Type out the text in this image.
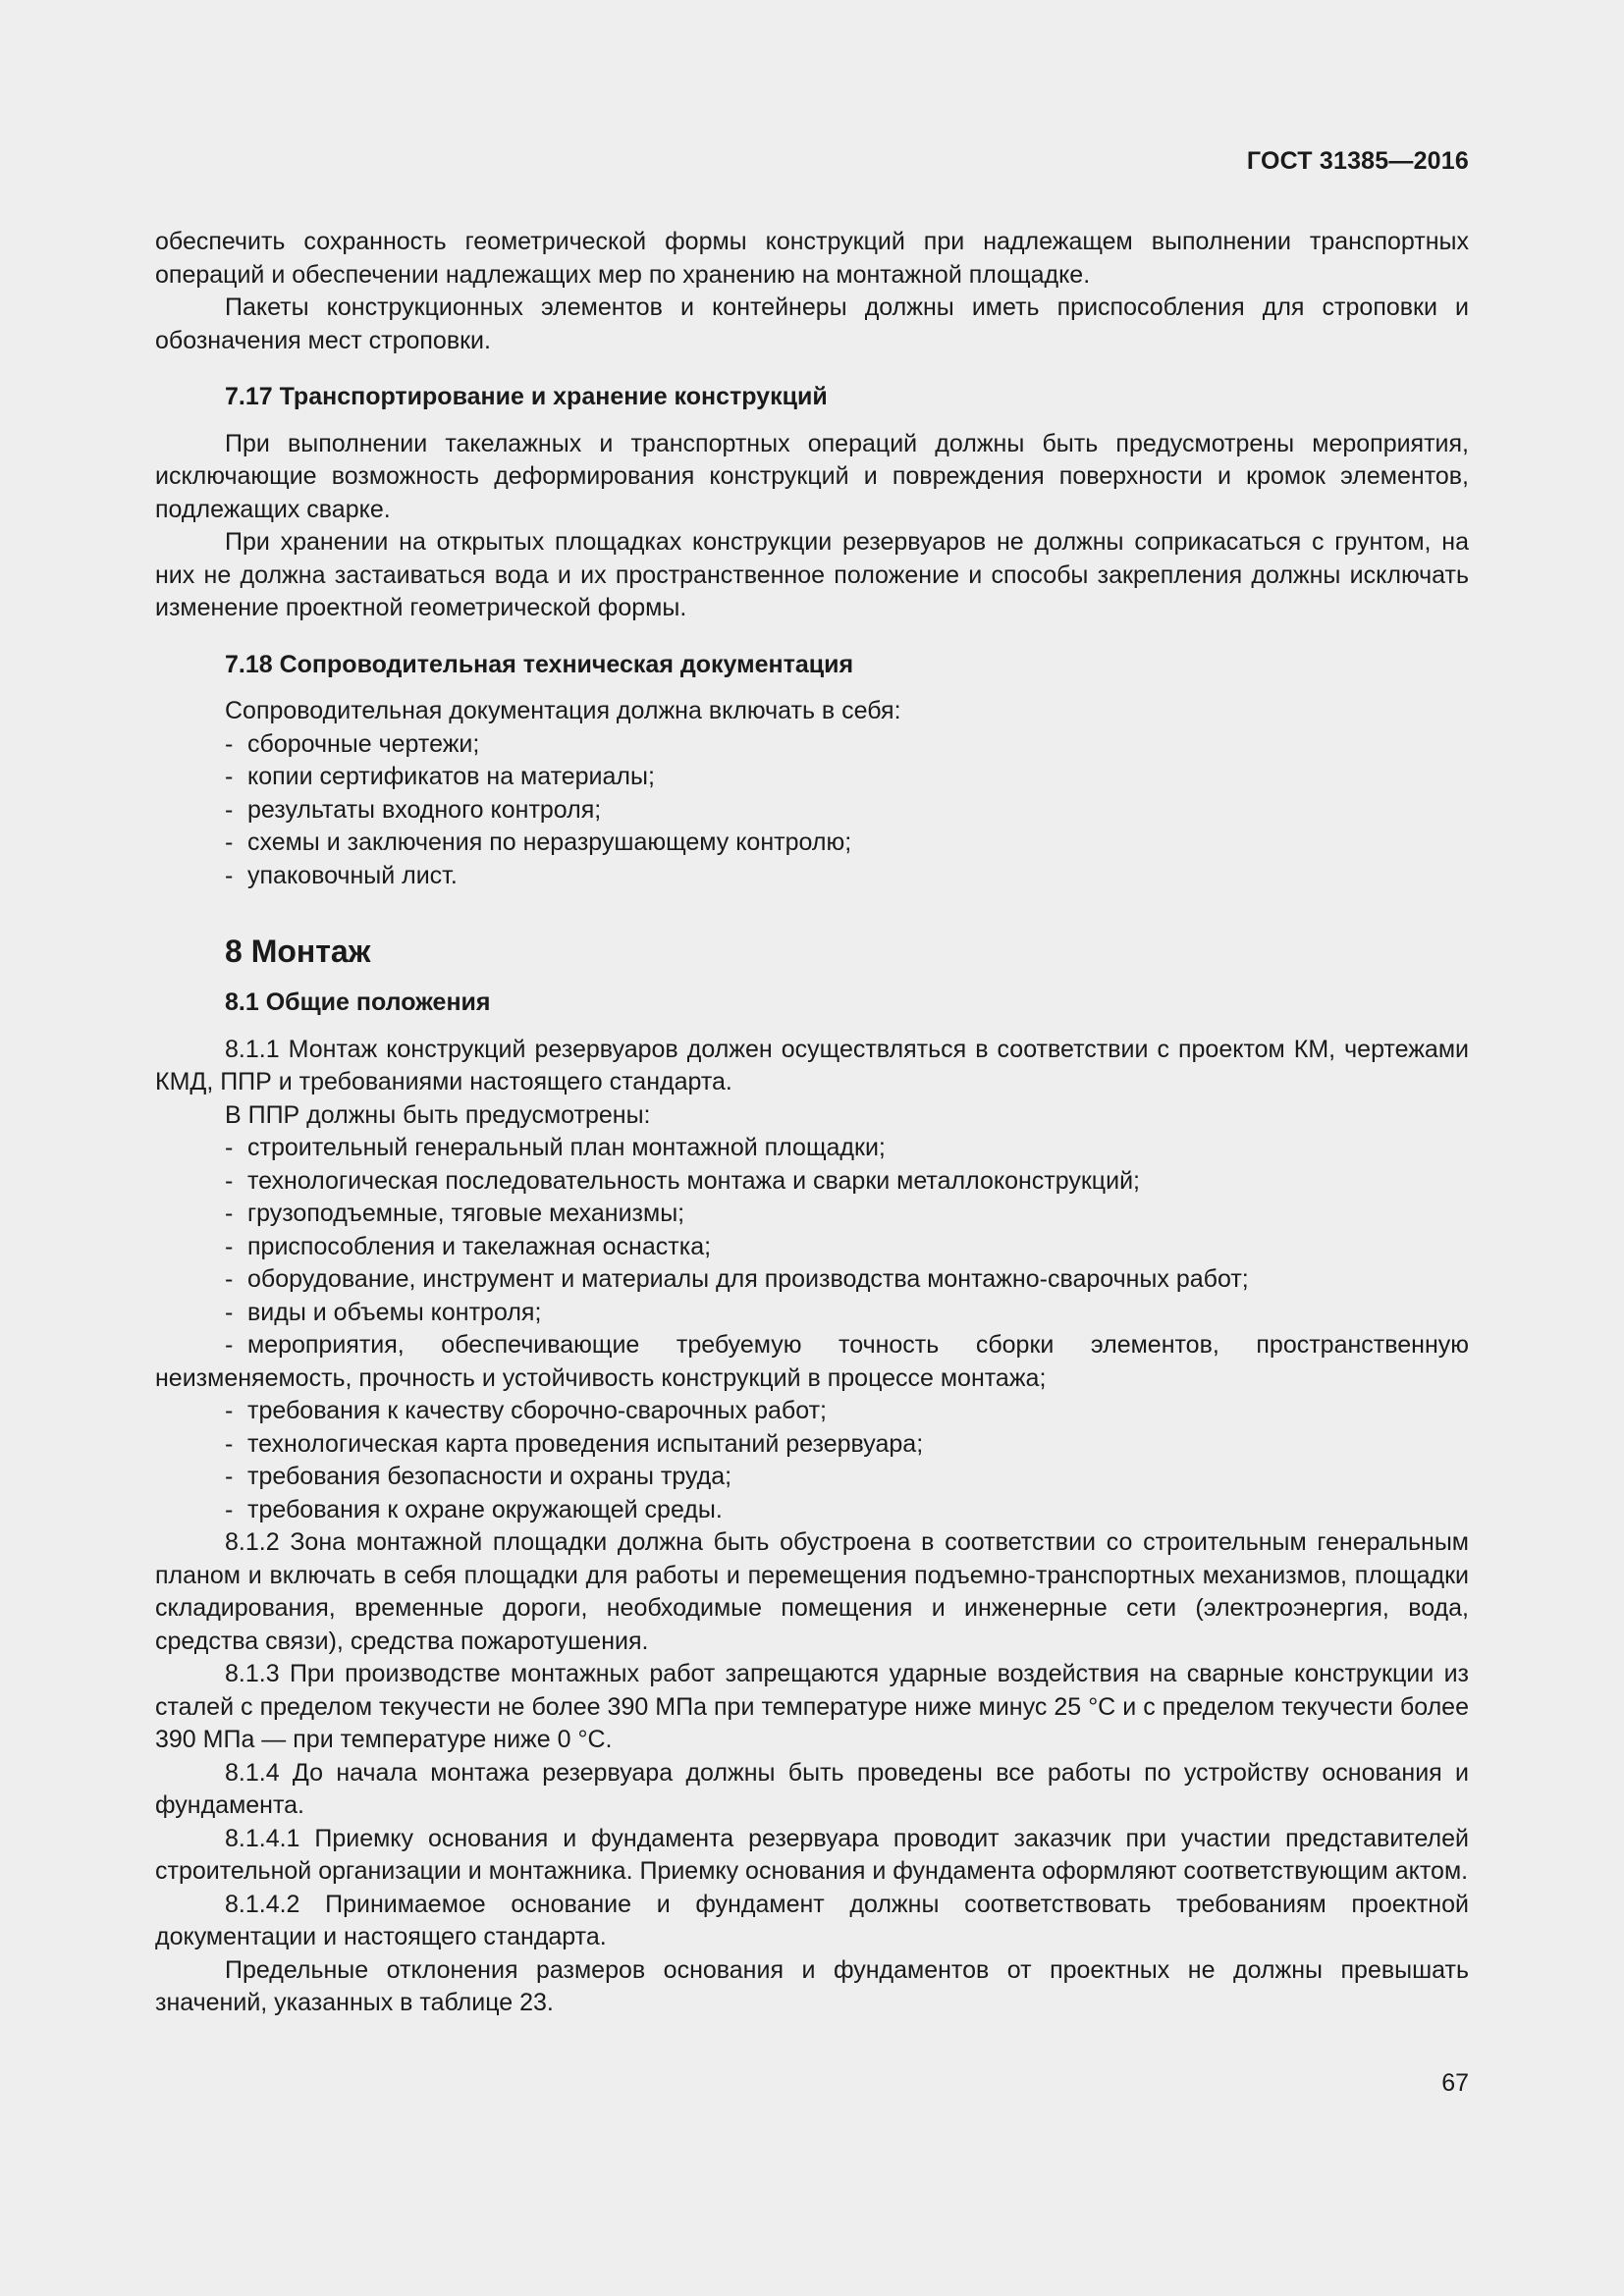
ГОСТ 31385—2016

обеспечить сохранность геометрической формы конструкций при надлежащем выполнении транспортных операций и обеспечении надлежащих мер по хранению на монтажной площадке.

Пакеты конструкционных элементов и контейнеры должны иметь приспособления для строповки и обозначения мест строповки.

7.17 Транспортирование и хранение конструкций

При выполнении такелажных и транспортных операций должны быть предусмотрены мероприятия, исключающие возможность деформирования конструкций и повреждения поверхности и кромок элементов, подлежащих сварке.

При хранении на открытых площадках конструкции резервуаров не должны соприкасаться с грунтом, на них не должна застаиваться вода и их пространственное положение и способы закрепления должны исключать изменение проектной геометрической формы.

7.18 Сопроводительная техническая документация

Сопроводительная документация должна включать в себя:

- сборочные чертежи;
- копии сертификатов на материалы;
- результаты входного контроля;
- схемы и заключения по неразрушающему контролю;
- упаковочный лист.
8 Монтаж
8.1 Общие положения

8.1.1 Монтаж конструкций резервуаров должен осуществляться в соответствии с проектом КМ, чертежами КМД, ППР и требованиями настоящего стандарта.

В ППР должны быть предусмотрены:

- строительный генеральный план монтажной площадки;
- технологическая последовательность монтажа и сварки металлоконструкций;
- грузоподъемные, тяговые механизмы;
- приспособления и такелажная оснастка;
- оборудование, инструмент и материалы для производства монтажно-сварочных работ;
- виды и объемы контроля;
- мероприятия, обеспечивающие требуемую точность сборки элементов, пространственную неизменяемость, прочность и устойчивость конструкций в процессе монтажа;
- требования к качеству сборочно-сварочных работ;
- технологическая карта проведения испытаний резервуара;
- требования безопасности и охраны труда;
- требования к охране окружающей среды.

8.1.2 Зона монтажной площадки должна быть обустроена в соответствии со строительным генеральным планом и включать в себя площадки для работы и перемещения подъемно-транспортных механизмов, площадки складирования, временные дороги, необходимые помещения и инженерные сети (электроэнергия, вода, средства связи), средства пожаротушения.

8.1.3 При производстве монтажных работ запрещаются ударные воздействия на сварные конструкции из сталей с пределом текучести не более 390 МПа при температуре ниже минус 25 °С и с пределом текучести более 390 МПа — при температуре ниже 0 °С.

8.1.4 До начала монтажа резервуара должны быть проведены все работы по устройству основания и фундамента.

8.1.4.1 Приемку основания и фундамента резервуара проводит заказчик при участии представителей строительной организации и монтажника. Приемку основания и фундамента оформляют соответствующим актом.

8.1.4.2 Принимаемое основание и фундамент должны соответствовать требованиям проектной документации и настоящего стандарта.

Предельные отклонения размеров основания и фундаментов от проектных не должны превышать значений, указанных в таблице 23.

67
